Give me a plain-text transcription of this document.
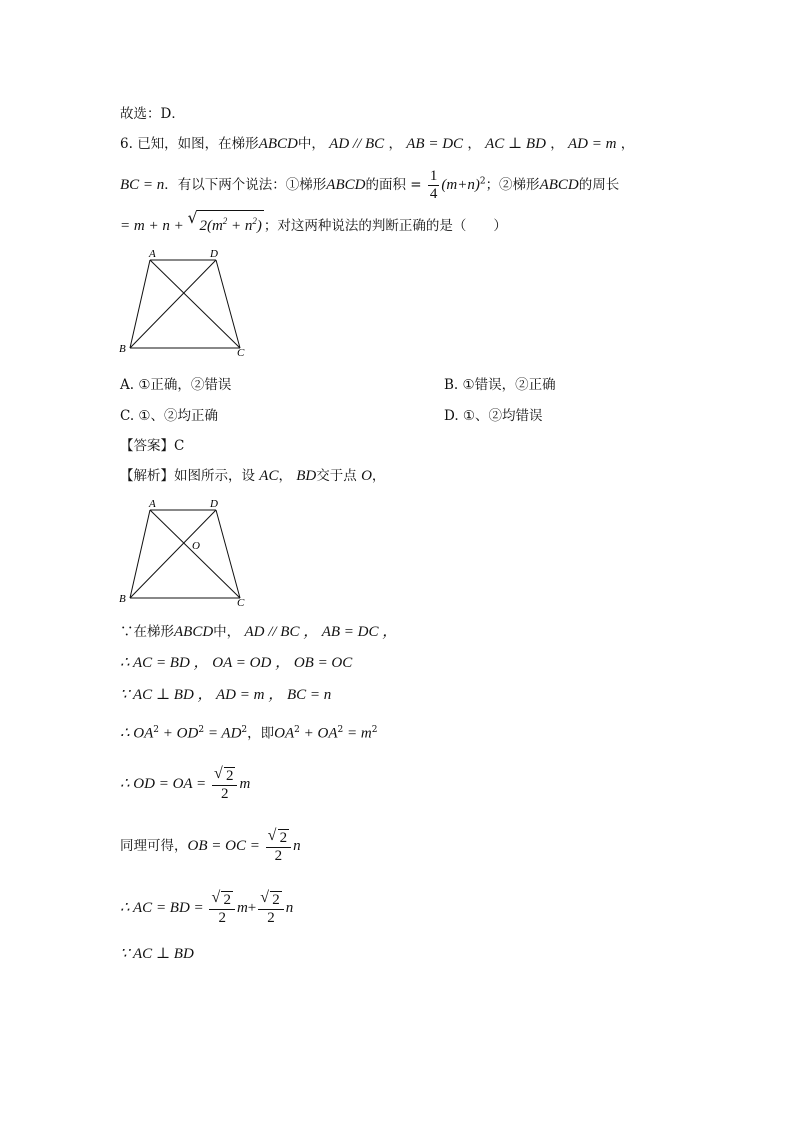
故选：D．
6. 已知，如图，在梯形ABCD中， AD // BC ， AB = DC ， AC ⊥ BD ， AD = m ，
BC = n．有以下两个说法：①梯形ABCD的面积 = $\frac{1}{4} (m+n)^2$；②梯形ABCD的周长
= m + n + √ $2(m^2 + n^2)$ ；对这两种说法的判断正确的是（　　）
A	D
B	C
A. ①正确，②错误	B. ①错误，②正确
C. ①、②均正确	D. ①、②均错误
【答案】C
【解析】如图所示，设 AC， BD交于点 O，
A	D
B	C
O
∵在梯形ABCD中， AD // BC ， AB = DC ，
∴ AC = BD ， OA = OD ， OB = OC
∵ AC ⊥ BD ， AD = m ， BC = n
∴ $OA^2 + OD^2 = AD^2$，即$OA^2 + OA^2 = m^2$
∴ OD = OA = $\frac{√ 2}{2}$ m
同理可得，OB = OC = $\frac{√ 2}{2}$ n
∴ AC = BD = $\frac{√ 2}{2} m+ \frac{√ 2}{2}$ n
∵ AC ⊥ BD
